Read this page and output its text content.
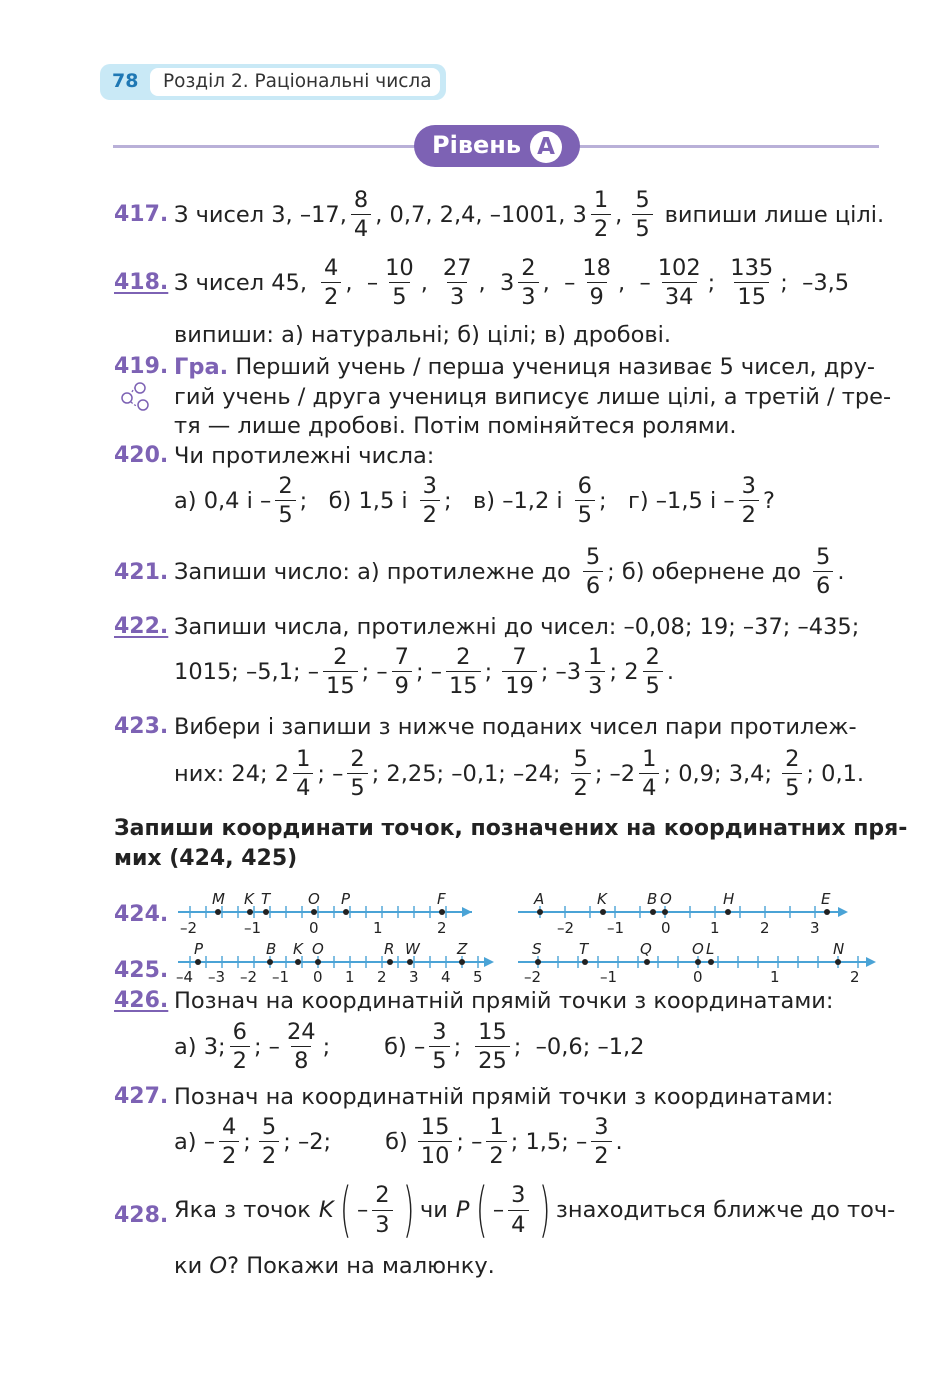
78 Розділ 2. Раціональні числа
Рівень A
417. З чисел 3, –17,
8
4
, 0,7, 2,4, –1001, 3
1
2
,
5
5
випиши лише цілі.
418. З чисел 45,
4
2
,  –
10
5
,
27
3
,  3
2
3
,  –
18
9
,  –
102
34
;
135
15
;  –3,5
випиши: а) натуральні; б) цілі; в) дробові.
419. Гра.
Перший учень / перша учениця називає 5 чисел, дру-
гий учень / друга учениця виписує лише цілі, а третій / тре-
тя — лише дробові. Потім поміняйтеся ролями.
420. Чи протилежні числа:
а) 0,4 і –
2
5
;   б) 1,5 і
3
2
;   в) –1,2 і
6
5
;   г) –1,5 і –
3
2
?
421. Запиши число: а) протилежне до
5
6
; б) обернене до
5
6
.
422. Запиши числа, протилежні до чисел: –0,08; 19; –37; –435;
1015; –5,1; –
2
15
; –
7
9
; –
2
15
;
7
19
; –3
1
3
; 2
2
5
.
423. Вибери і запиши з нижче поданих чисел пари протилеж-
них: 24; 2
1
4
; –
2
5
; 2,25; –0,1; –24;
5
2
; –2
1
4
; 0,9; 3,4;
2
5
; 0,1.
Запиши координати точок, позначених на координатних пря-
мих (424, 425)
424.
M K T	O P	F
–2	–1	0	1	2
A	K	B O	H	E
–2 –1 0	1	2	3
425.
P	B K O	R W Z
–4 –3 –2 –1 0 1 2 3 4 5
S T	Q	O L	N
–2	–1	0	1	2
426. Познач на координатній прямій точки з координатами:
а) 3;
6
2
; –
24
8
; б) –
3
5
;
15
25
;  –0,6; –1,2
427. Познач на координатній прямій точки з координатами:
а) –
4
2
;
5
2
; –2; б)
15
10
; –
1
2
; 1,5; –
3
2
.
428. Яка з точок K ( –
2
3 ) чи P ( –
3
4 ) знаходиться ближче до точ-
ки
O ? Покажи на малюнку.
